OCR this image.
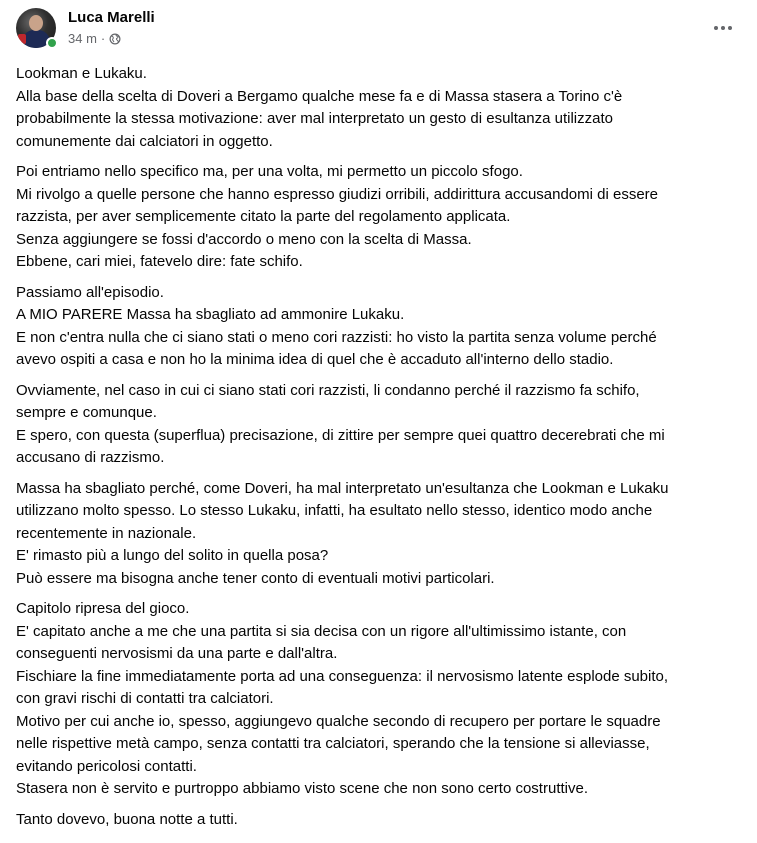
Luca Marelli
34 m ·
Lookman e Lukaku.
Alla base della scelta di Doveri a Bergamo qualche mese fa e di Massa stasera a Torino c'è
probabilmente la stessa motivazione: aver mal interpretato un gesto di esultanza utilizzato
comunemente dai calciatori in oggetto.
Poi entriamo nello specifico ma, per una volta, mi permetto un piccolo sfogo.
Mi rivolgo a quelle persone che hanno espresso giudizi orribili, addirittura accusandomi di essere
razzista, per aver semplicemente citato la parte del regolamento applicata.
Senza aggiungere se fossi d'accordo o meno con la scelta di Massa.
Ebbene, cari miei, fatevelo dire: fate schifo.
Passiamo all'episodio.
A MIO PARERE Massa ha sbagliato ad ammonire Lukaku.
E non c'entra nulla che ci siano stati o meno cori razzisti: ho visto la partita senza volume perché
avevo ospiti a casa e non ho la minima idea di quel che è accaduto all'interno dello stadio.
Ovviamente, nel caso in cui ci siano stati cori razzisti, li condanno perché il razzismo fa schifo,
sempre e comunque.
E spero, con questa (superflua) precisazione, di zittire per sempre quei quattro decerebrati che mi
accusano di razzismo.
Massa ha sbagliato perché, come Doveri, ha mal interpretato un'esultanza che Lookman e Lukaku
utilizzano molto spesso. Lo stesso Lukaku, infatti, ha esultato nello stesso, identico modo anche
recentemente in nazionale.
E' rimasto più a lungo del solito in quella posa?
Può essere ma bisogna anche tener conto di eventuali motivi particolari.
Capitolo ripresa del gioco.
E' capitato anche a me che una partita si sia decisa con un rigore all'ultimissimo istante, con
conseguenti nervosismi da una parte e dall'altra.
Fischiare la fine immediatamente porta ad una conseguenza: il nervosismo latente esplode subito,
con gravi rischi di contatti tra calciatori.
Motivo per cui anche io, spesso, aggiungevo qualche secondo di recupero per portare le squadre
nelle rispettive metà campo, senza contatti tra calciatori, sperando che la tensione si alleviasse,
evitando pericolosi contatti.
Stasera non è servito e purtroppo abbiamo visto scene che non sono certo costruttive.
Tanto dovevo, buona notte a tutti.
